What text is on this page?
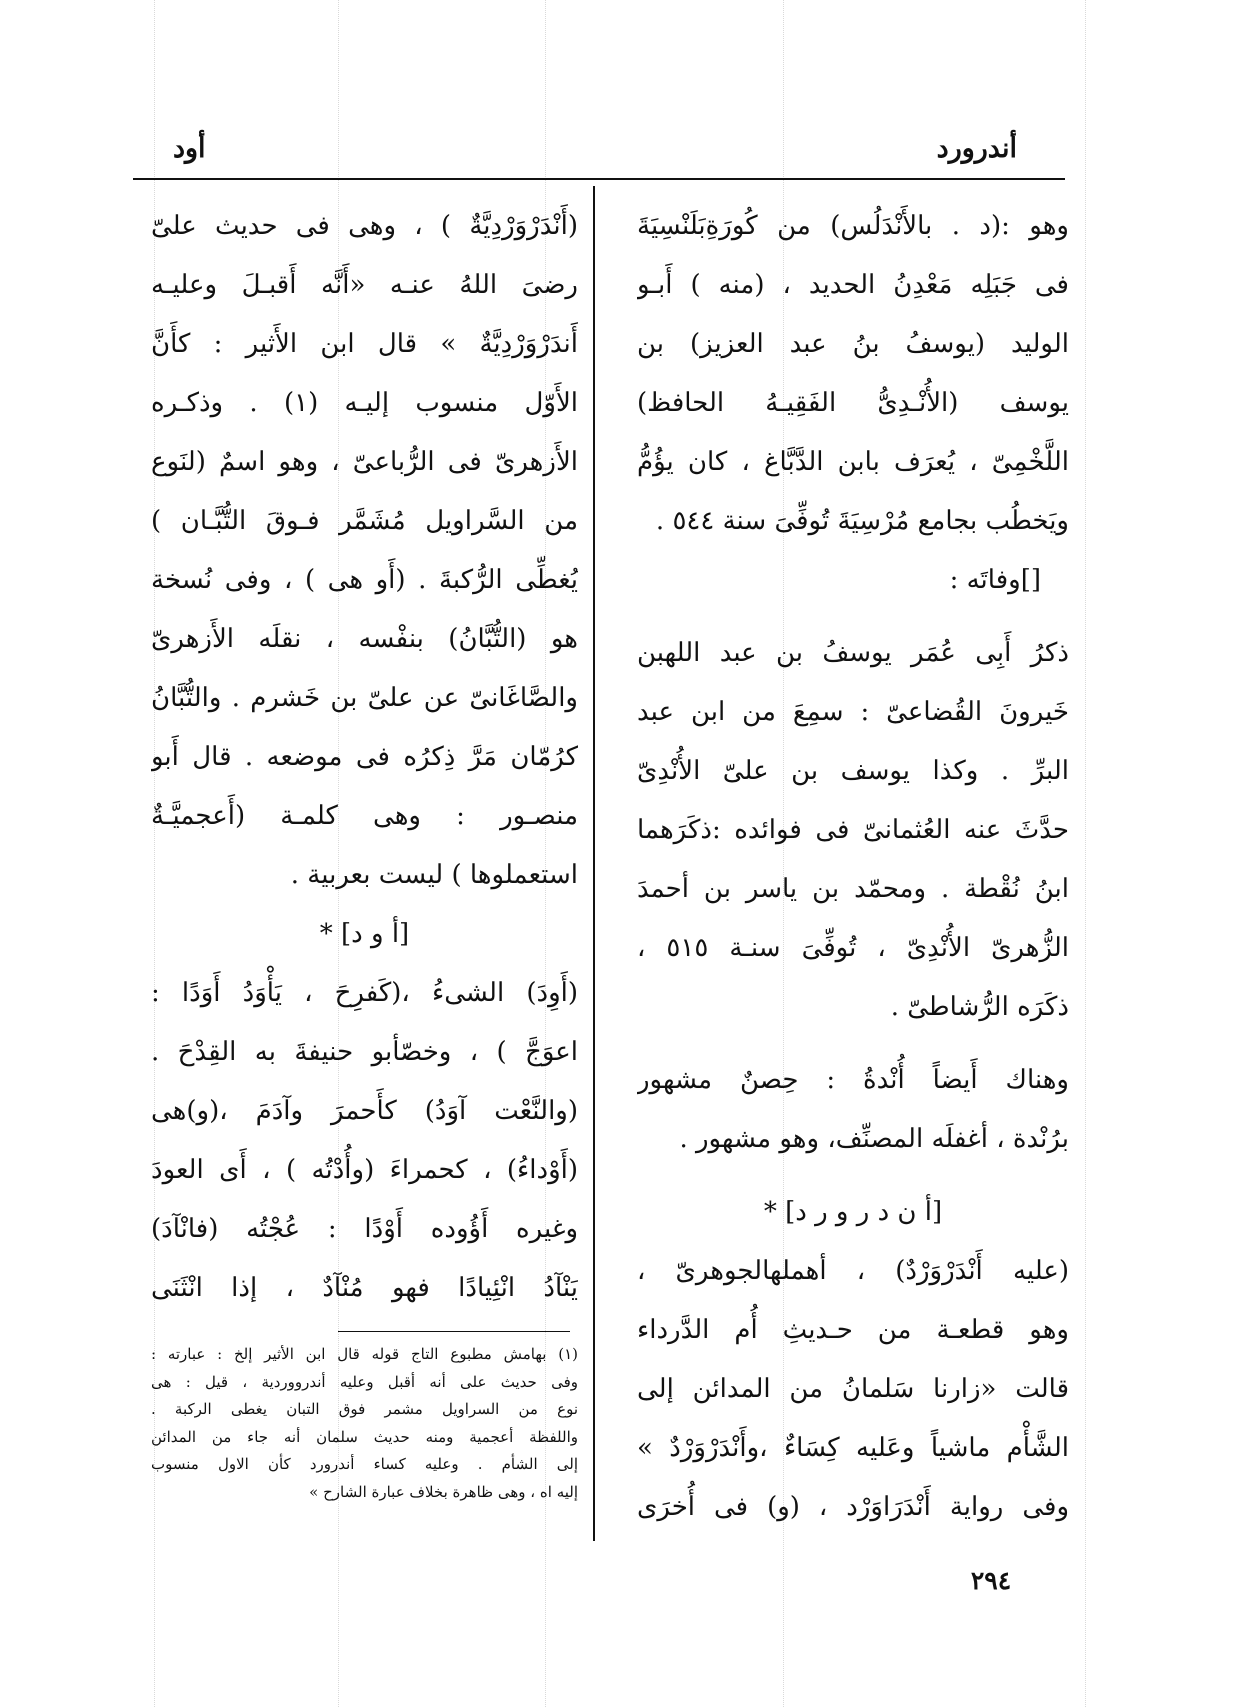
أندرورد
أود
وهو :(د . بالأَنْدَلُس) من كُورَةِبَلَنْسِيَةَ
فى جَبَلِه مَعْدِنُ الحديد ، (منه ) أَبـو
الوليد (يوسفُ بنُ عبد العزيز) بن
يوسف (الأُنْـدِىُّ الفَقِيـهُ الحافظ)
اللَّخْمِىّ ، يُعرَف بابن الدَّبَّاغ ، كان يؤُمُّ
ويَخطُب بجامع مُرْسِيَةَ تُوفِّىَ سنة ٥٤٤ .
[]وفاتَه :
ذكرُ أَبِى عُمَر يوسفُ بن عبد اللهبن
خَيرونَ القُضاعىّ : سمِعَ من ابن عبد
البرِّ . وكذا يوسف بن علىّ الأُنْدِىّ
حدَّثَ عنه العُثمانىّ فى فوائده :ذكَرَهما
ابنُ نُقْطة . ومحمّد بن ياسر بن أحمدَ
الزُّهرىّ الأُنْدِىّ ، تُوفِّىَ سنـة ٥١٥ ،
ذكَرَه الرُّشاطىّ .
وهناك أَيضاً أُنْدةُ : حِصنٌ مشهور
برُنْدة ، أغفلَه المصنِّف، وهو مشهور .
[أ ن د ر و ر د] *
(عليه أَنْدَرْوَرْدٌ) ، أهملهالجوهرىّ ،
وهو قطعـة من حـديثِ أُم الدَّرداء
قالت «زارنا سَلمانُ من المدائن إلى
الشَّأْم ماشياً وعَليه كِسَاءٌ ،وأَنْدَرْوَرْدٌ »
وفى رواية أَنْدَرَاوَرْد ، (و) فى أُخرَى
(أَنْدَرْوَرْدِيَّةٌ ) ، وهى فى حديث علىّ
رضىَ اللهُ عنـه «أَنَّه أَقبـلَ وعليـه
أَندَرْوَرْدِيَّةٌ » قال ابن الأَثير : كأَنَّ
الأَوّل منسوب إليـه (١) . وذكـره
الأَزهرىّ فى الرُّباعىّ ، وهو اسمٌ (لنَوع
من السَّراويل مُشَمَّر فـوقَ التُّبَّـان )
يُغطِّى الرُّكبةَ . (أَو هى ) ، وفى نُسخة
هو (التُّبَّانُ) بنفْسه ، نقلَه الأَزهرىّ
والصَّاغَانىّ عن علىّ بن خَشرم . والتُّبَّانُ
كرُمّان مَرَّ ذِكرُه فى موضعه . قال أَبو
منصـور : وهى كلمـة (أَعجميَّـةٌ
استعملوها ) ليست بعربية .
[أ و د] *
(أَوِدَ) الشىءُ ،(كَفرِحَ ، يَأْوَدُ أَوَدًا :
اعوَجَّ ) ، وخصّأبو حنيفةَ به القِدْحَ .
(والنَّعْت آوَدُ) كأَحمرَ وآدَمَ ،(و)هى
(أَوْداءُ) ، كحمراءَ (وأُدْتُه ) ، أَى العودَ
وغيره أَؤُوده أَوْدًا : عُجْتُه (فانْآدَ)
يَنْآدُ انْئِيادًا فهو مُنْآدٌ ، إذا انْثَنَى
(١) بهامش مطبوع التاج قوله قال ابن الأثير إلخ : عبارته :
وفى حديث على أنه أقبل وعليه أندرووردية ، قيل : هى
نوع من السراويل مشمر فوق التبان يغطى الركبة .
واللفظة أعجمية ومنه حديث سلمان أنه جاء من المدائن
إلى الشأم . وعليه كساء أندرورد كأن الاول منسوب
إليه اه ، وهى ظاهرة بخلاف عبارة الشارح »
٢٩٤
